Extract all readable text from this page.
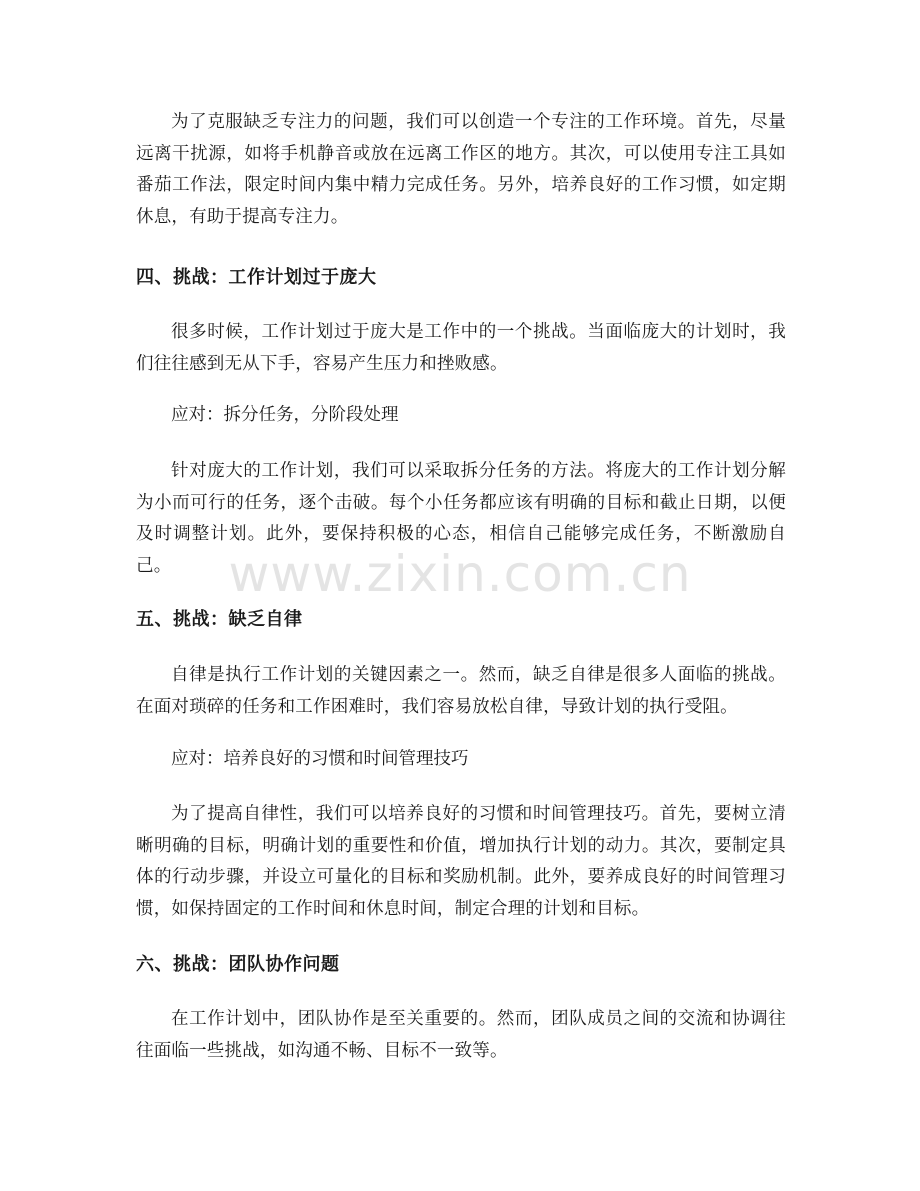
为了克服缺乏专注力的问题，我们可以创造一个专注的工作环境。首先，尽量远离干扰源，如将手机静音或放在远离工作区的地方。其次，可以使用专注工具如番茄工作法，限定时间内集中精力完成任务。另外，培养良好的工作习惯，如定期休息，有助于提高专注力。

四、挑战：工作计划过于庞大

很多时候，工作计划过于庞大是工作中的一个挑战。当面临庞大的计划时，我们往往感到无从下手，容易产生压力和挫败感。

应对：拆分任务，分阶段处理

针对庞大的工作计划，我们可以采取拆分任务的方法。将庞大的工作计划分解为小而可行的任务，逐个击破。每个小任务都应该有明确的目标和截止日期，以便及时调整计划。此外，要保持积极的心态，相信自己能够完成任务，不断激励自己。

五、挑战：缺乏自律

自律是执行工作计划的关键因素之一。然而，缺乏自律是很多人面临的挑战。在面对琐碎的任务和工作困难时，我们容易放松自律，导致计划的执行受阻。

应对：培养良好的习惯和时间管理技巧

为了提高自律性，我们可以培养良好的习惯和时间管理技巧。首先，要树立清晰明确的目标，明确计划的重要性和价值，增加执行计划的动力。其次，要制定具体的行动步骤，并设立可量化的目标和奖励机制。此外，要养成良好的时间管理习惯，如保持固定的工作时间和休息时间，制定合理的计划和目标。

六、挑战：团队协作问题

在工作计划中，团队协作是至关重要的。然而，团队成员之间的交流和协调往往面临一些挑战，如沟通不畅、目标不一致等。

www.zixin.com.cn
